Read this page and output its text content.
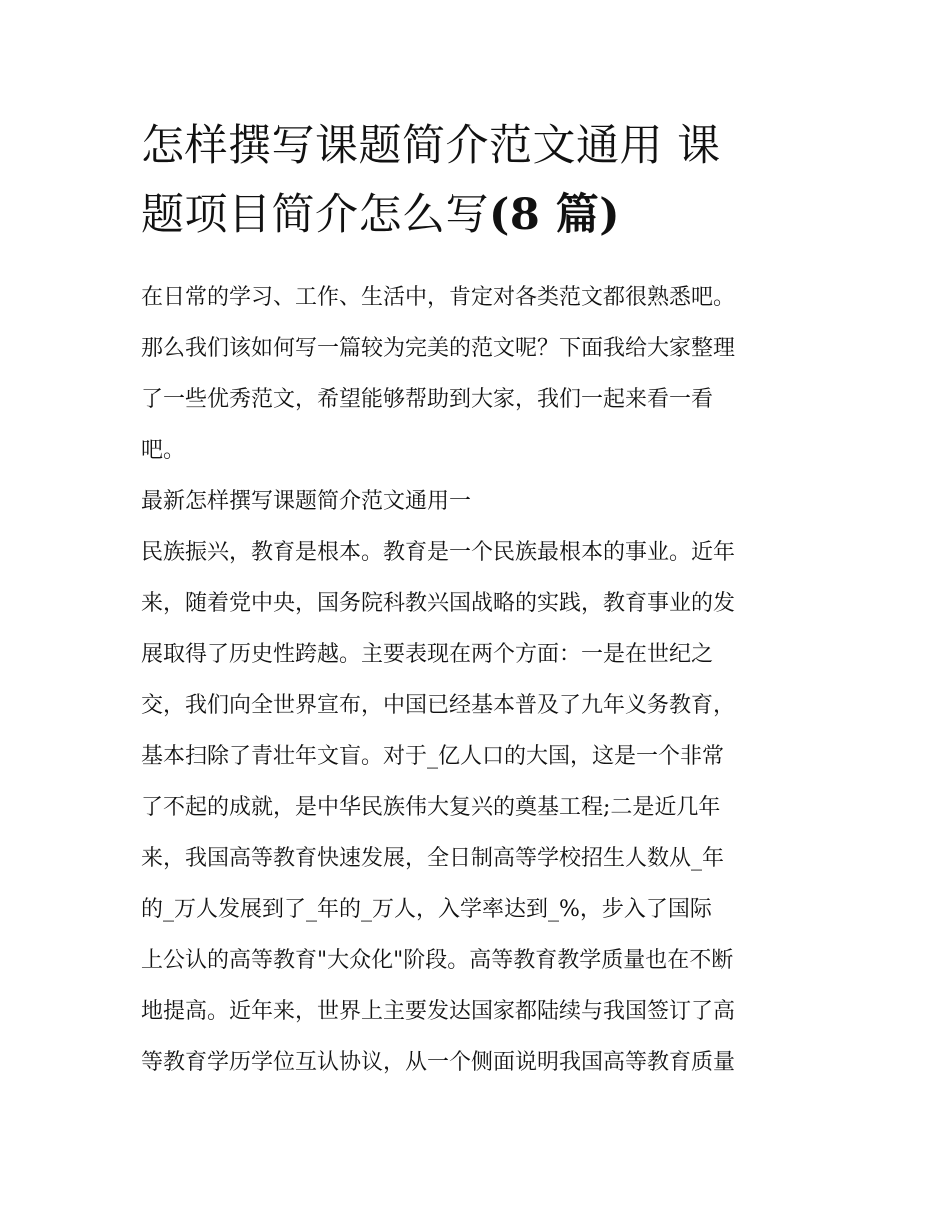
怎样撰写课题简介范文通用 课
题项目简介怎么写(8 篇)

在日常的学习、工作、生活中，肯定对各类范文都很熟悉吧。
那么我们该如何写一篇较为完美的范文呢？下面我给大家整理
了一些优秀范文，希望能够帮助到大家，我们一起来看一看
吧。

最新怎样撰写课题简介范文通用一

民族振兴，教育是根本。教育是一个民族最根本的事业。近年
来，随着党中央，国务院科教兴国战略的实践，教育事业的发
展取得了历史性跨越。主要表现在两个方面：一是在世纪之
交，我们向全世界宣布，中国已经基本普及了九年义务教育，
基本扫除了青壮年文盲。对于_亿人口的大国，这是一个非常
了不起的成就，是中华民族伟大复兴的奠基工程;二是近几年
来，我国高等教育快速发展，全日制高等学校招生人数从_年
的_万人发展到了_年的_万人，入学率达到_%，步入了国际
上公认的高等教育"大众化"阶段。高等教育教学质量也在不断
地提高。近年来，世界上主要发达国家都陆续与我国签订了高
等教育学历学位互认协议，从一个侧面说明我国高等教育质量
